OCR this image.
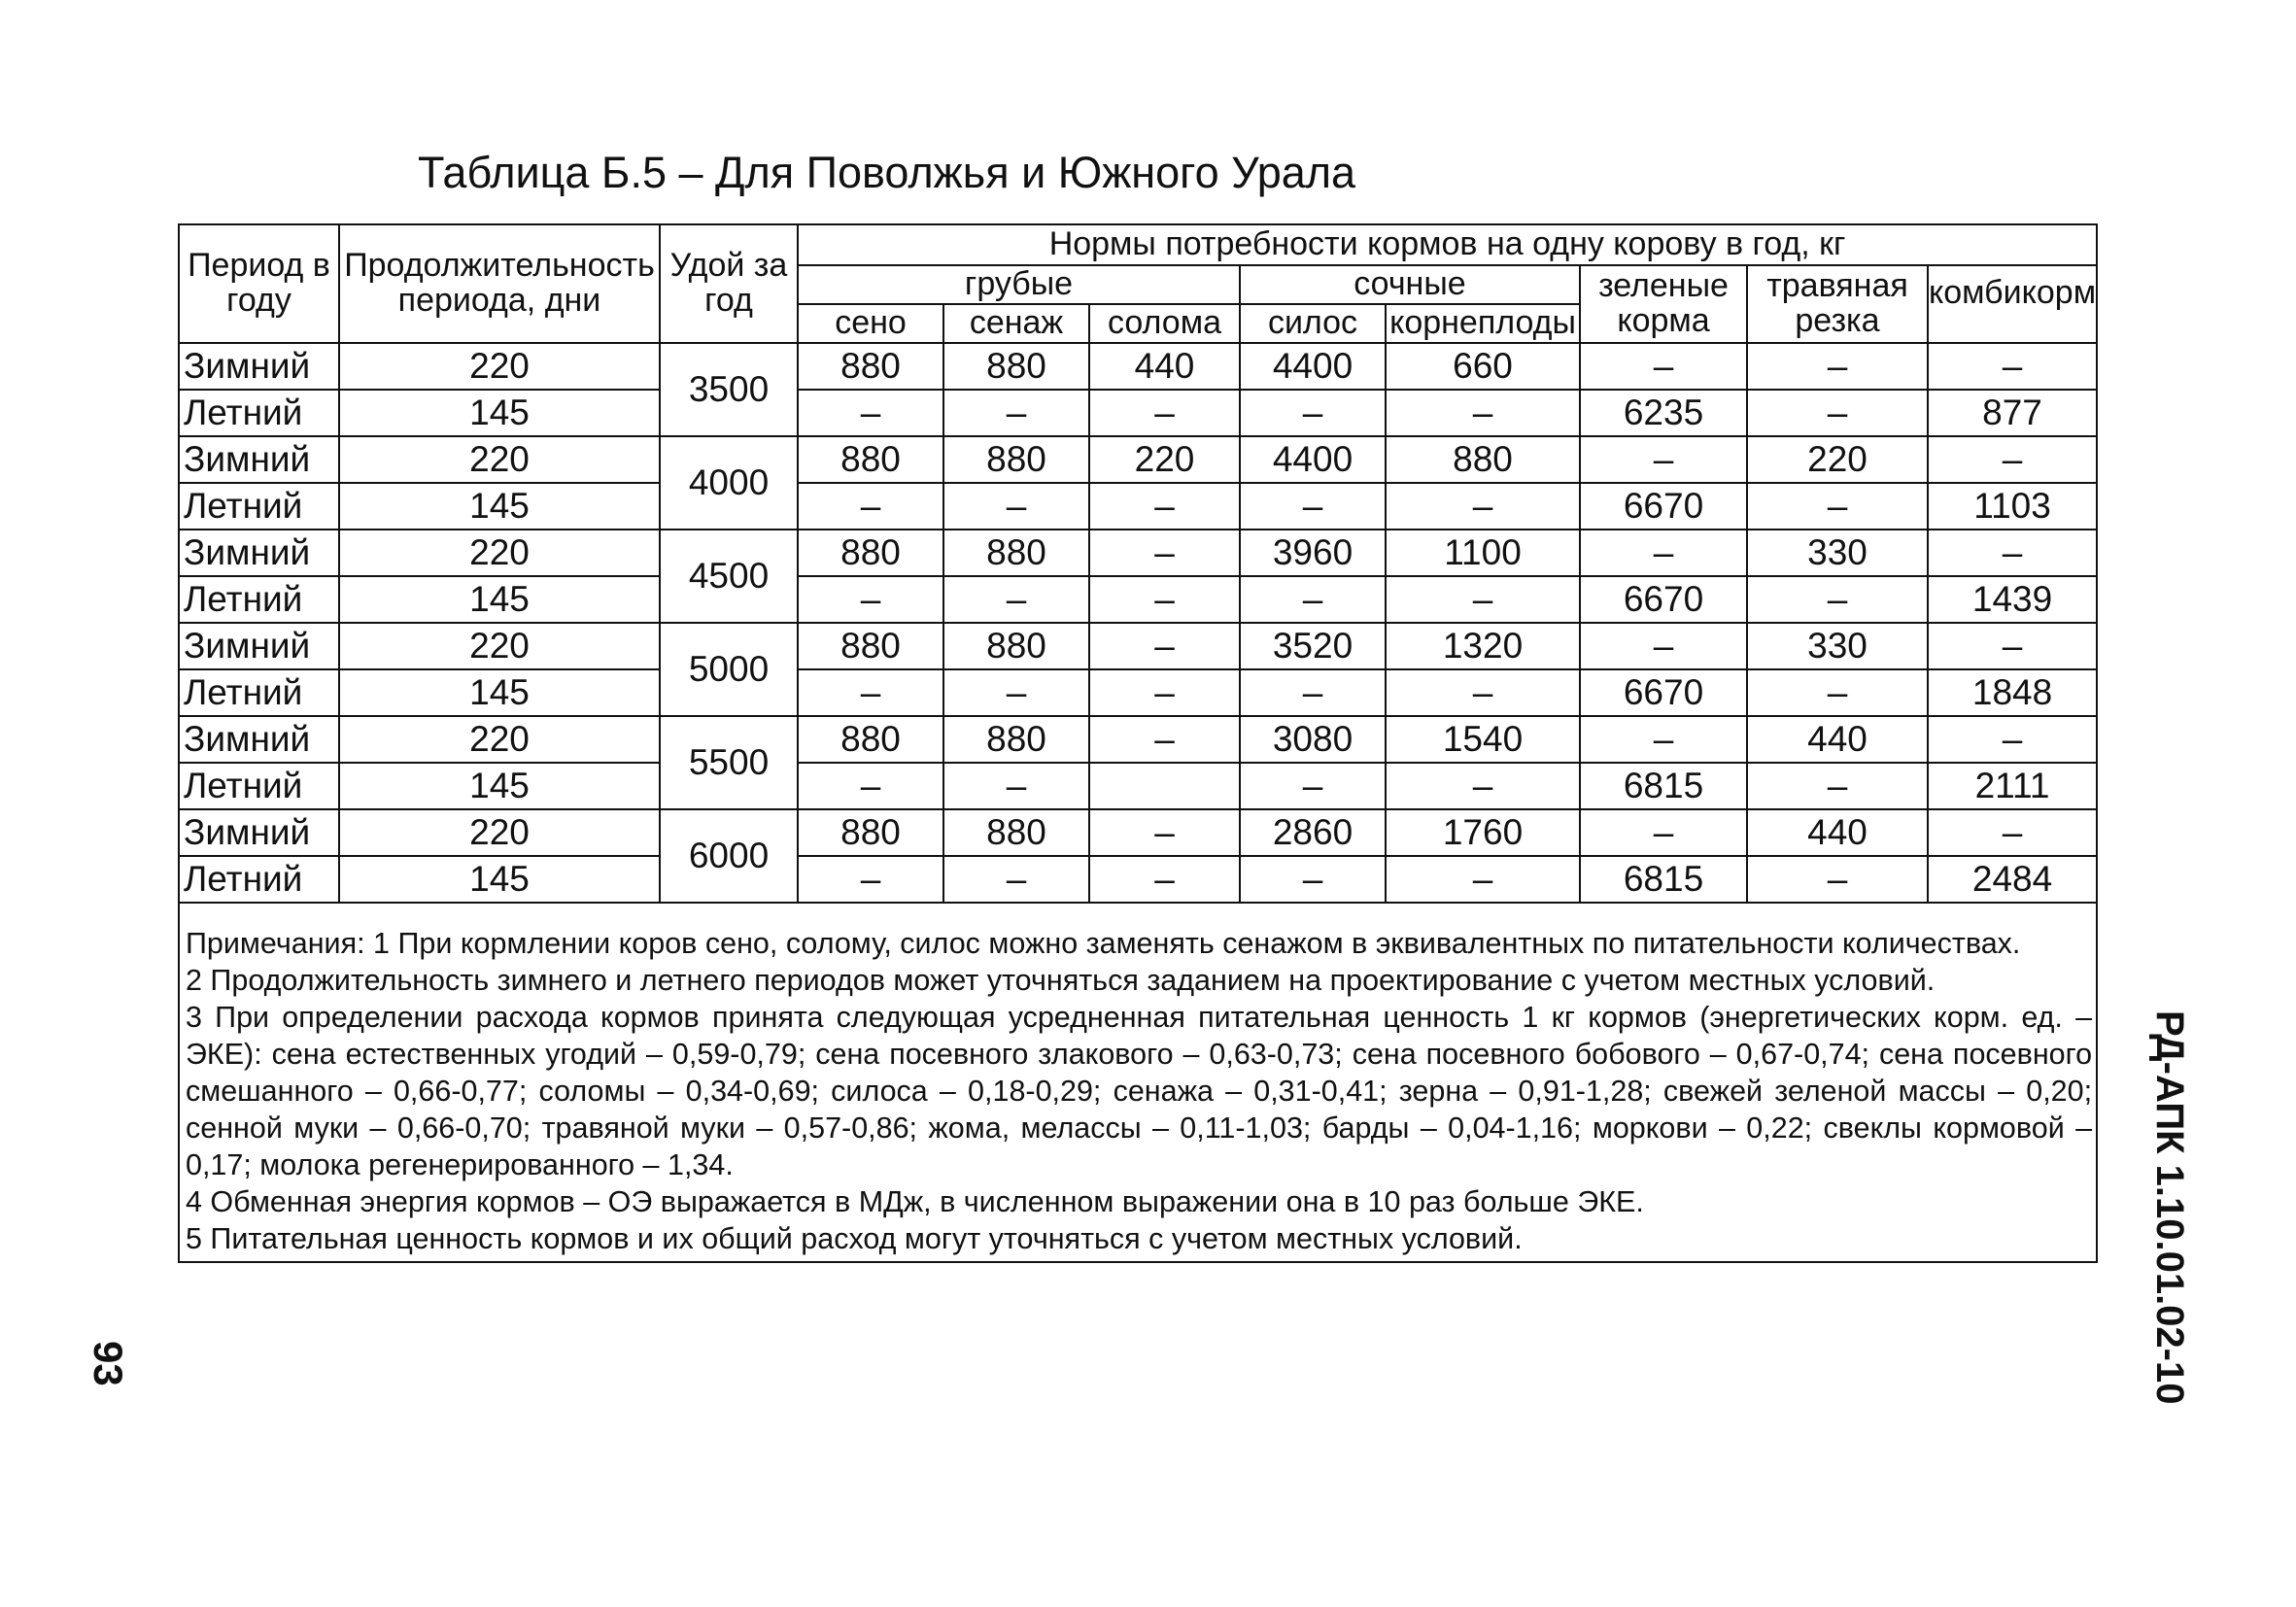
Таблица Б.5 – Для Поволжья и Южного Урала
Период в году	Продолжительность периода, дни	Удой за год	Нормы потребности кормов на одну корову в год, кг							
			грубые			сочные		зеленые корма	травяная резка	комбикорм
			сено	сенаж	солома	силос	корнеплоды			
Зимний	220	3500	880	880	440	4400	660	–	–	–
Летний	145		–	–	–	–	–	6235	–	877
Зимний	220	4000	880	880	220	4400	880	–	220	–
Летний	145		–	–	–	–	–	6670	–	1103
Зимний	220	4500	880	880	–	3960	1100	–	330	–
Летний	145		–	–	–	–	–	6670	–	1439
Зимний	220	5000	880	880	–	3520	1320	–	330	–
Летний	145		–	–	–	–	–	6670	–	1848
Зимний	220	5500	880	880	–	3080	1540	–	440	–
Летний	145		–	–		–	–	6815	–	2111
Зимний	220	6000	880	880	–	2860	1760	–	440	–
Летний	145		–	–	–	–	–	6815	–	2484

Примечания: 1 При кормлении коров сено, солому, силос можно заменять сенажом в эквивалентных по питательности количествах.
2 Продолжительность зимнего и летнего периодов может уточняться заданием на проектирование с учетом местных условий.
3 При определении расхода кормов принята следующая усредненная питательная ценность 1 кг кормов (энергетических корм. ед. – ЭКЕ): сена естественных угодий – 0,59-0,79; сена посевного злакового – 0,63-0,73; сена посевного бобового – 0,67-0,74; сена посевного смешанного – 0,66-0,77; соломы – 0,34-0,69; силоса – 0,18-0,29; сенажа – 0,31-0,41; зерна – 0,91-1,28; свежей зеленой массы – 0,20; сенной муки – 0,66-0,70; травяной муки – 0,57-0,86; жома, мелассы – 0,11-1,03; барды – 0,04-1,16; моркови – 0,22; свеклы кормовой – 0,17; молока регенерированного – 1,34.
4 Обменная энергия кормов – ОЭ выражается в МДж, в численном выражении она в 10 раз больше ЭКЕ.
5 Питательная ценность кормов и их общий расход могут уточняться с учетом местных условий.											РД-АПК 1.10.01.02-10
93
